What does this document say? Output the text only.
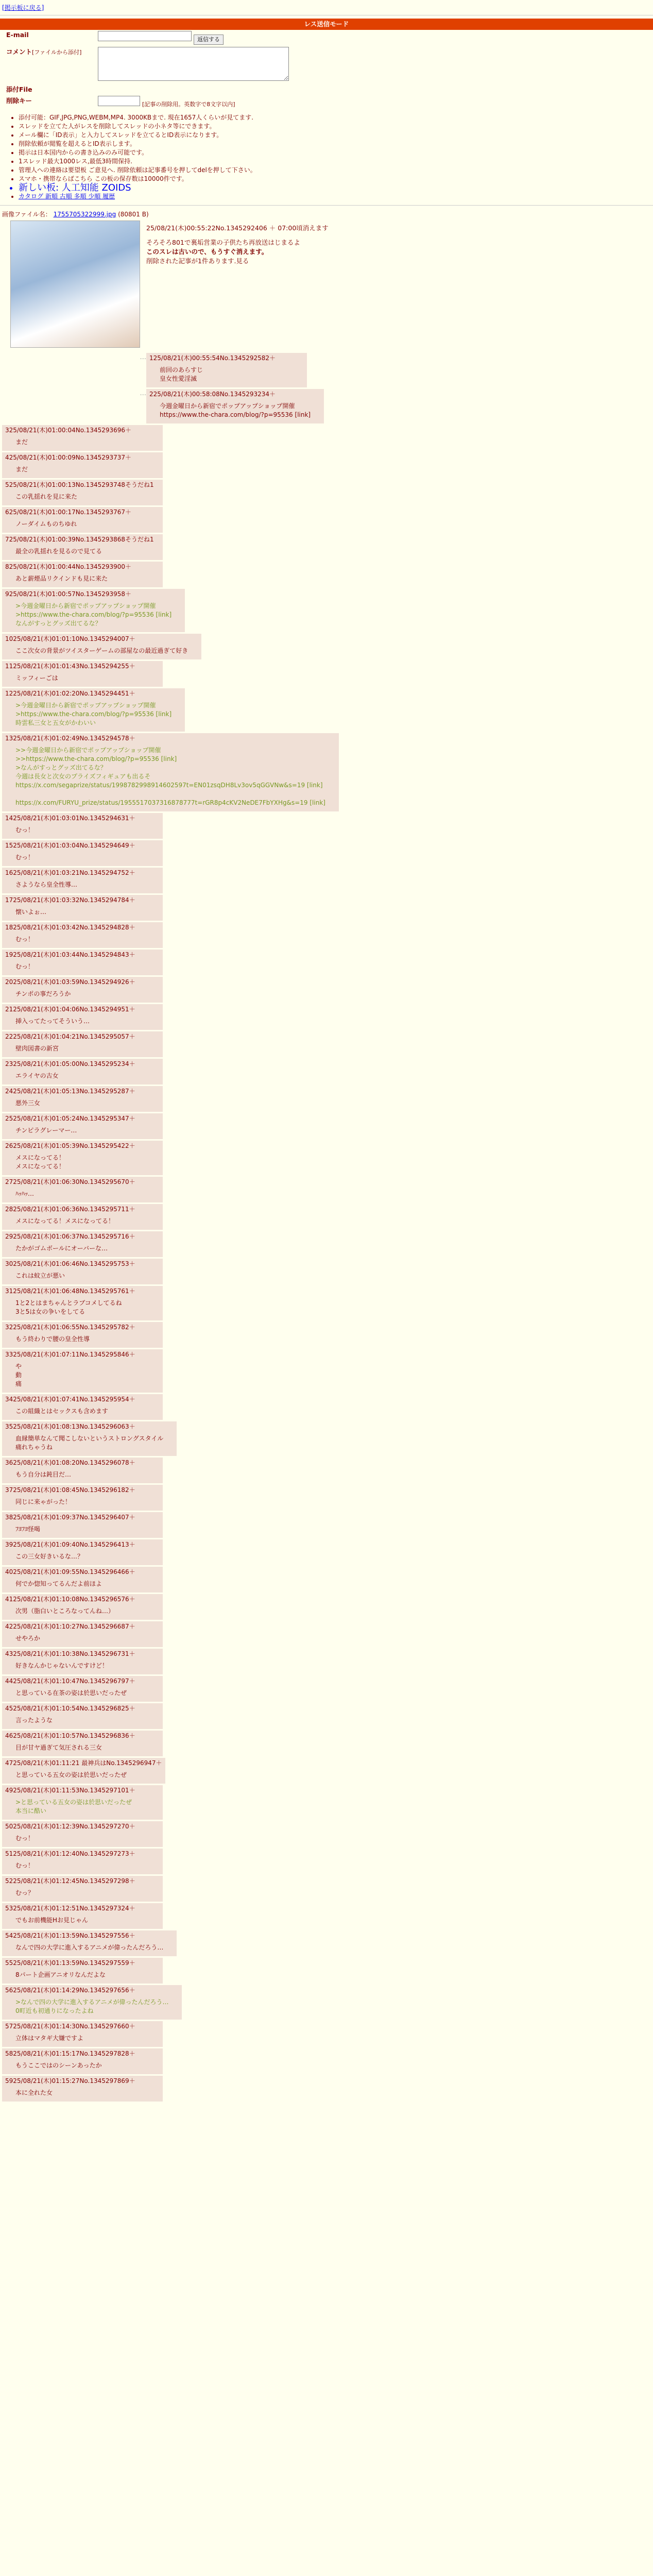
[掲示板に戻る]
レス送信モード
E-mail	返信する
コメント[ファイルから添付]	
添付File	
削除キー	[記事の削除用。英数字で8文字以内]
• 添付可能：GIF,JPG,PNG,WEBM,MP4. 3000KBまで. 現在1657人くらいが見てます.
• スレッドを立てた人がレスを削除してスレッドの小ネタ等にできます。
• メール欄に「ID表示」と入力してスレッドを立てるとID表示になります。
• 削除依頼が閲覧を超えるとID表示します。
• 掲示は日本国内からの書き込みのみ可能です。
• 1スレッド最大1000レス,最低3時間保持.
• 管理人への連絡は要望板 ご意見へ. 削除依頼は記事番号を押してdelを押して下さい。
• スマホ・携帯ならばこちら この板の保存数は10000件です。
• 新しい板: 人工知能 ZOIDS
• カタログ 新順 古順 多順 少順 履歴
画像ファイル名： 1755705322999.jpg (80801 B)
25/08/21(木)00:55:22No.1345292406 ＋ 07:00頃消えます
そろそろ801で裏垢営業の子供たち再放送はじまるよ
このスレは古いので、もうすぐ消えます。
削除された記事が1件あります.見る
… 125/08/21(木)00:55:54No.1345292582＋
前回のあらすじ
皇女性愛淫滅
… 225/08/21(木)00:58:08No.1345293234＋
今週金曜日から新宿でポップアップショップ開催
https://www.the-chara.com/blog/?p=95536 [link]
325/08/21(木)01:00:04No.1345293696＋
まだ
425/08/21(木)01:00:09No.1345293737＋
まだ
525/08/21(木)01:00:13No.1345293748そうだね1
この乳揺れを見に来た
625/08/21(木)01:00:17No.1345293767＋
ノーダイムものちゆれ
725/08/21(木)01:00:39No.1345293868そうだね1
最全の乳揺れを見るので見てる
825/08/21(木)01:00:44No.1345293900＋
あと薪煙品リクインドも見に来た
925/08/21(木)01:00:57No.1345293958＋
>今週金曜日から新宿でポップアップショップ開催
>https://www.the-chara.com/blog/?p=95536 [link]
なんがすっとグッズ出てるな？
1025/08/21(木)01:01:10No.1345294007＋
ここ次女の背景がツイスターゲームの部屋なの最近過ぎて好き
1125/08/21(木)01:01:43No.1345294255＋
ミッフィーごは
1225/08/21(木)01:02:20No.1345294451＋
>今週金曜日から新宿でポップアップショップ開催
>https://www.the-chara.com/blog/?p=95536 [link]
時雲私三女と五女がかわいい
1325/08/21(木)01:02:49No.1345294578＋
>>今週金曜日から新宿でポップアップショップ開催
>>https://www.the-chara.com/blog/?p=95536 [link]
>なんがすっとグッズ出てるな？
今週は長女と次女のプライズフィギュアも出るそ
https://x.com/segaprize/status/1998782998914602597t=EN01zsqDH8Lv3ov5qGGVNw&s=19 [link]

https://x.com/FURYU_prize/status/1955517037316878777t=rGR8p4cKV2NeDE7FbYXHg&s=19 [link]
1425/08/21(木)01:03:01No.1345294631＋
むっ！
1525/08/21(木)01:03:04No.1345294649＋
むっ！
1625/08/21(木)01:03:21No.1345294752＋
さようなら皇全性導…
1725/08/21(木)01:03:32No.1345294784＋
懐いよぉ…
1825/08/21(木)01:03:42No.1345294828＋
むっ！
1925/08/21(木)01:03:44No.1345294843＋
むっ！
2025/08/21(木)01:03:59No.1345294926＋
チンポの事だろうか
2125/08/21(木)01:04:06No.1345294951＋
挿入ってたってそういう…
2225/08/21(木)01:04:21No.1345295057＋
壁肉図書の新宮
2325/08/21(木)01:05:00No.1345295234＋
エライヤの古女
2425/08/21(木)01:05:13No.1345295287＋
悪外三女
2525/08/21(木)01:05:24No.1345295347＋
チンピラグレーマー…
2625/08/21(木)01:05:39No.1345295422＋
メスになってる！
メスになってる！
2725/08/21(木)01:06:30No.1345295670＋
ﾊｯﾊｯ…
2825/08/21(木)01:06:36No.1345295711＋
メスになってる！メスになってる！
2925/08/21(木)01:06:37No.1345295716＋
たかがゴムボールにオーバーな…
3025/08/21(木)01:06:46No.1345295753＋
これは蚊立が悪い
3125/08/21(木)01:06:48No.1345295761＋
1と2とはまちゃんとラブコメしてるね
3と5は女の争いをしてる
3225/08/21(木)01:06:55No.1345295782＋
もう終わりで腰の皇全性導
3325/08/21(木)01:07:11No.1345295846＋
や
動
痛
3425/08/21(木)01:07:41No.1345295954＋
この組織とはセックスも含めます
3525/08/21(木)01:08:13No.1345296063＋
血縁簡単なんて聞こしないというストロングスタイル
痛れちゃうね
3625/08/21(木)01:08:20No.1345296078＋
もう自分は鈍目だ…
3725/08/21(木)01:08:45No.1345296182＋
同じに来ゃがった！
3825/08/21(木)01:09:37No.1345296407＋
ﾌﾖﾌﾖ怪喝
3925/08/21(木)01:09:40No.1345296413＋
この三女好きいるな…？
4025/08/21(木)01:09:55No.1345296466＋
何でか惚知ってるんだよ前ほよ
4125/08/21(木)01:10:08No.1345296576＋
次男（脂白いところなってんね…）
4225/08/21(木)01:10:27No.1345296687＋
せやろか
4325/08/21(木)01:10:38No.1345296731＋
好きなんかじゃないんですけど！
4425/08/21(木)01:10:47No.1345296797＋
と思っている在茶の姿は於思いだったぜ
4525/08/21(木)01:10:54No.1345296825＋
言ったような
4625/08/21(木)01:10:57No.1345296836＋
目が甘ヤ過ぎて気圧される三女
4725/08/21(木)01:11:21 最神兵はNo.1345296947＋
と思っている五女の姿は於思いだったぜ
4925/08/21(木)01:11:53No.1345297101＋
>と思っている五女の姿は於思いだったぜ
本当に酷い
5025/08/21(木)01:12:39No.1345297270＋
むっ！
5125/08/21(木)01:12:40No.1345297273＋
むっ！
5225/08/21(木)01:12:45No.1345297298＋
むっ？
5325/08/21(木)01:12:51No.1345297324＋
でもお前機能Hお見じゃん
5425/08/21(木)01:13:59No.1345297556＋
なんで四の大学に進入するアニメが偉ったんだろう…
5525/08/21(木)01:13:59No.1345297559＋
8パート企画アニオリなんだよな
5625/08/21(木)01:14:29No.1345297656＋
>なんで四の大学に進入するアニメが偉ったんだろう…
0町近も初通りになったよね
5725/08/21(木)01:14:30No.1345297660＋
立体はマタギ大嫌ですよ
5825/08/21(木)01:15:17No.1345297828＋
もうここではのシーンあったか
5925/08/21(木)01:15:27No.1345297869＋
本に全れた女
